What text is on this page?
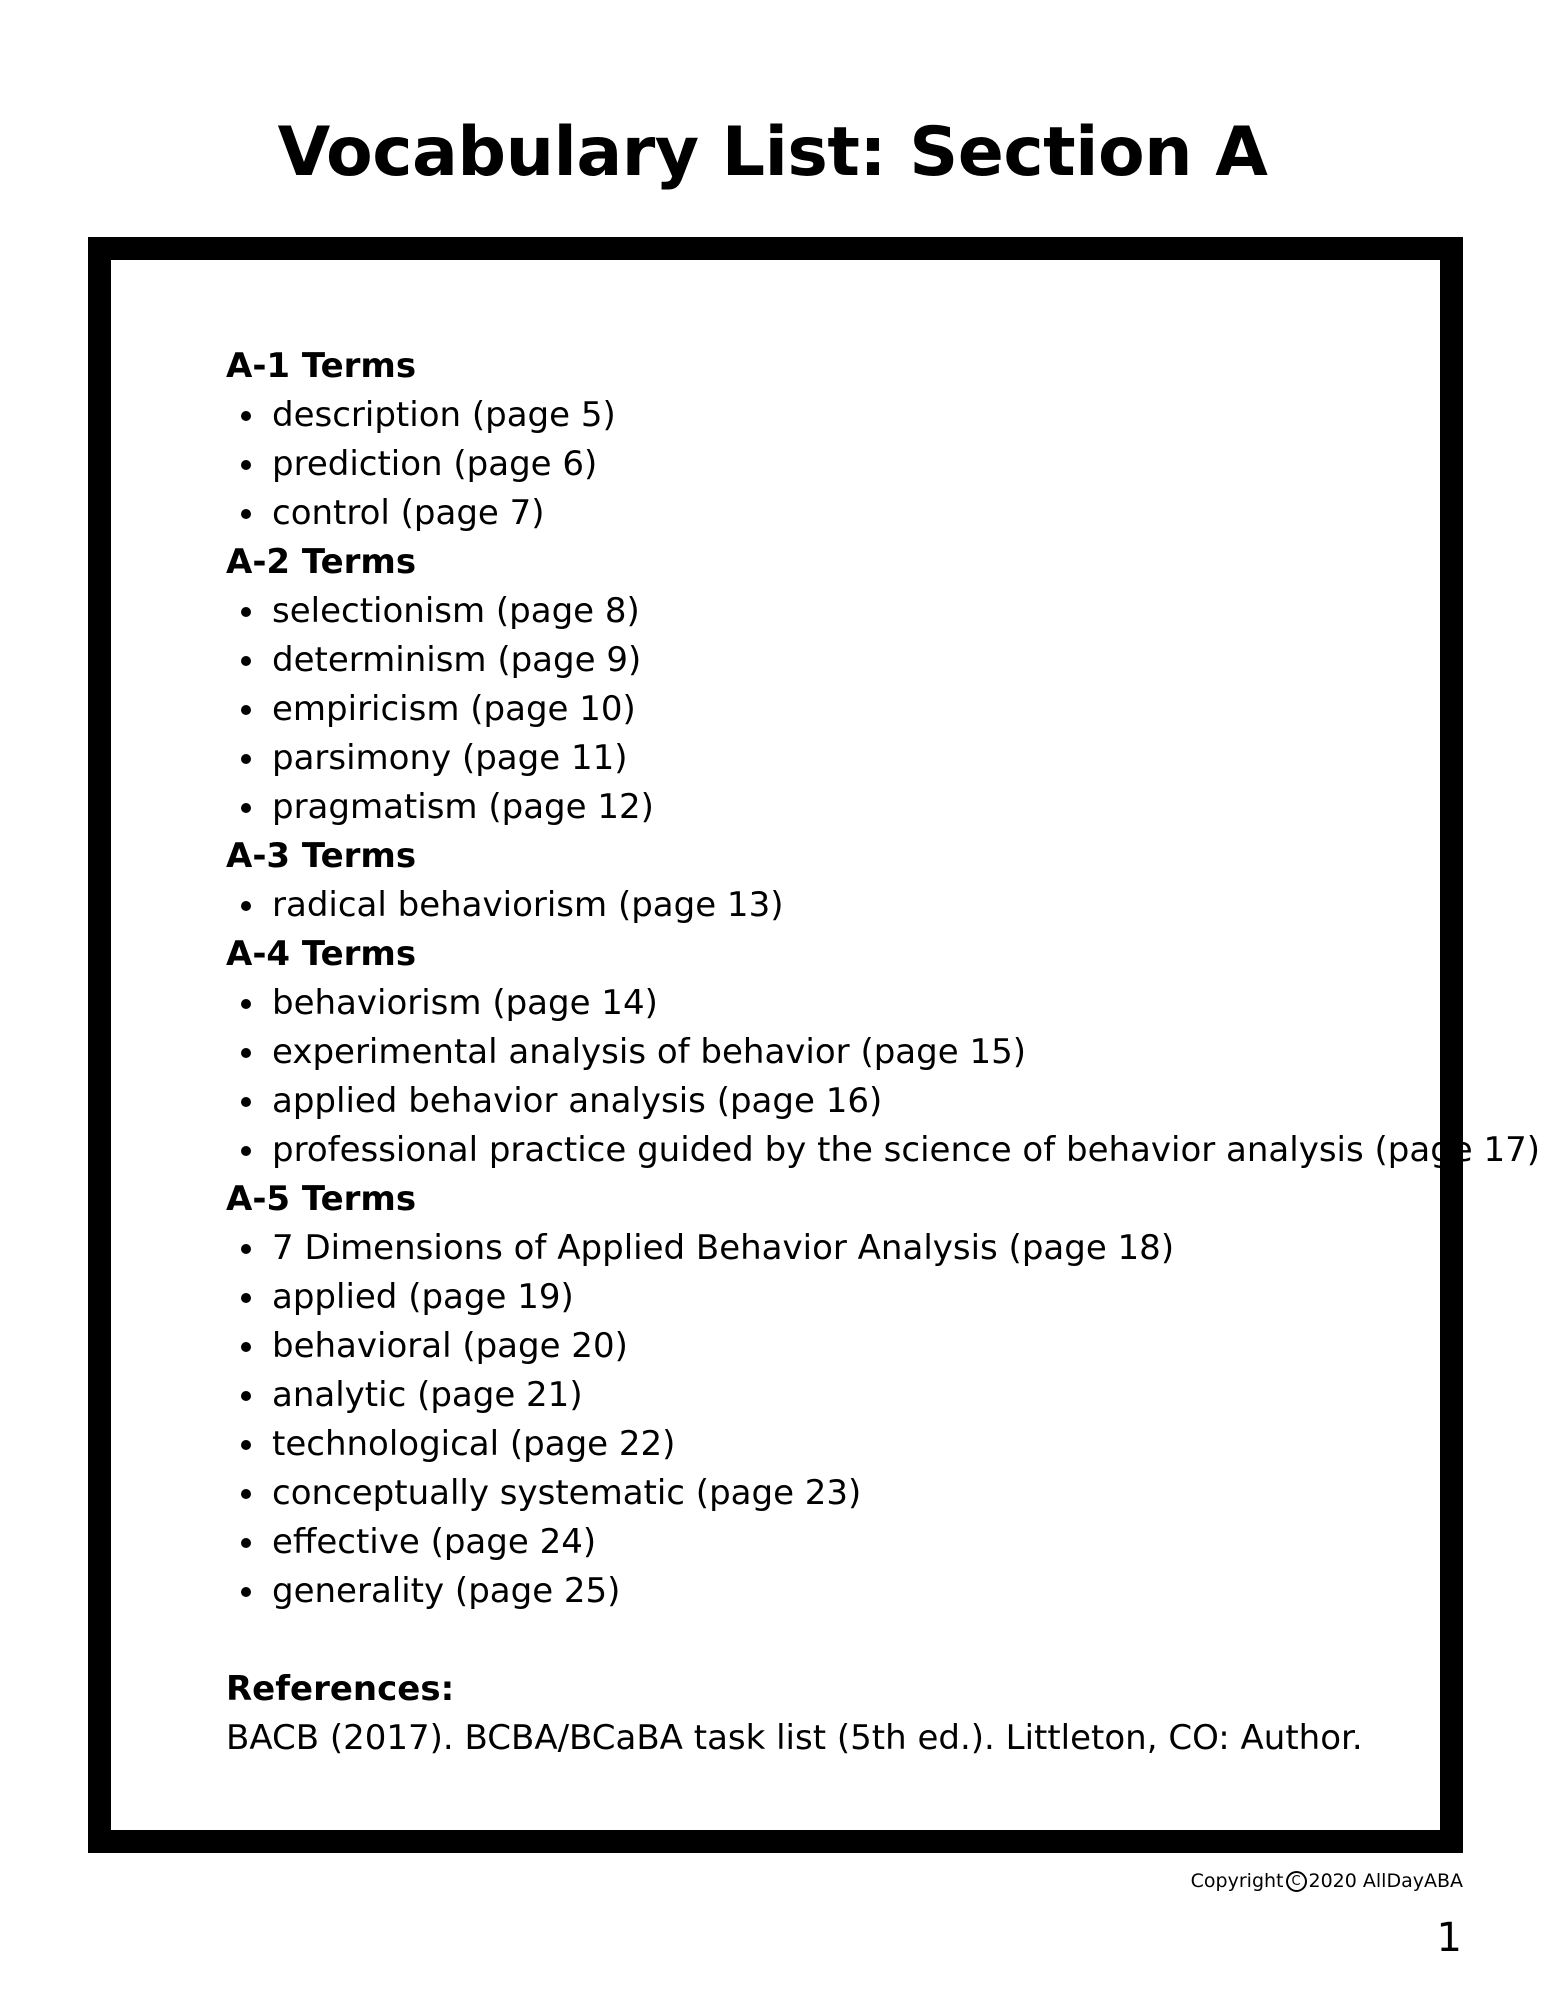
Vocabulary List: Section A
A-1 Terms
description (page 5)
prediction (page 6)
control (page 7)
A-2 Terms
selectionism (page 8)
determinism (page 9)
empiricism (page 10)
parsimony (page 11)
pragmatism (page 12)
A-3 Terms
radical behaviorism (page 13)
A-4 Terms
behaviorism (page 14)
experimental analysis of behavior (page 15)
applied behavior analysis (page 16)
professional practice guided by the science of behavior analysis (page 17)
A-5 Terms
7 Dimensions of Applied Behavior Analysis (page 18)
applied (page 19)
behavioral (page 20)
analytic (page 21)
technological (page 22)
conceptually systematic (page 23)
effective (page 24)
generality (page 25)
References:
BACB (2017). BCBA/BCaBA task list (5th ed.). Littleton, CO: Author.
Copyright C 2020 AllDayABA
1
